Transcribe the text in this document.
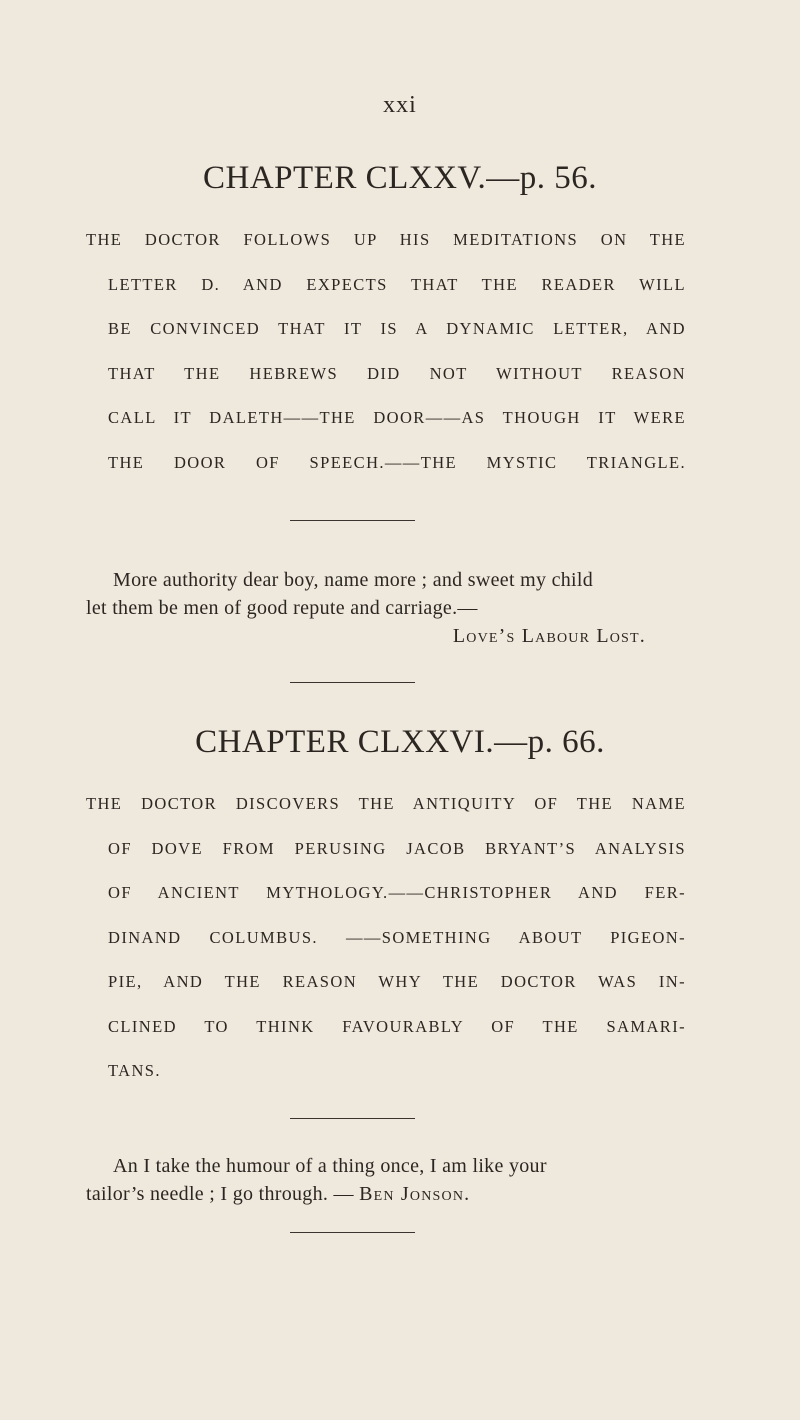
xxi
CHAPTER CLXXV.—p. 56.
THE DOCTOR FOLLOWS UP HIS MEDITATIONS ON THE
LETTER D. AND EXPECTS THAT THE READER WILL
BE CONVINCED THAT IT IS A DYNAMIC LETTER, AND
THAT THE HEBREWS DID NOT WITHOUT REASON
CALL IT DALETH——THE DOOR——AS THOUGH IT WERE
THE DOOR OF SPEECH.——THE MYSTIC TRIANGLE.
More authority dear boy, name more ; and sweet my child
let them be men of good repute and carriage.—
Love’s Labour Lost.
CHAPTER CLXXVI.—p. 66.
THE DOCTOR DISCOVERS THE ANTIQUITY OF THE NAME
OF DOVE FROM PERUSING JACOB BRYANT’S ANALYSIS
OF ANCIENT MYTHOLOGY.——CHRISTOPHER AND FER-
DINAND COLUMBUS. ——SOMETHING ABOUT PIGEON-
PIE, AND THE REASON WHY THE DOCTOR WAS IN-
CLINED TO THINK FAVOURABLY OF THE SAMARI-
TANS.
An I take the humour of a thing once, I am like your
tailor’s needle ; I go through. — Ben Jonson.
